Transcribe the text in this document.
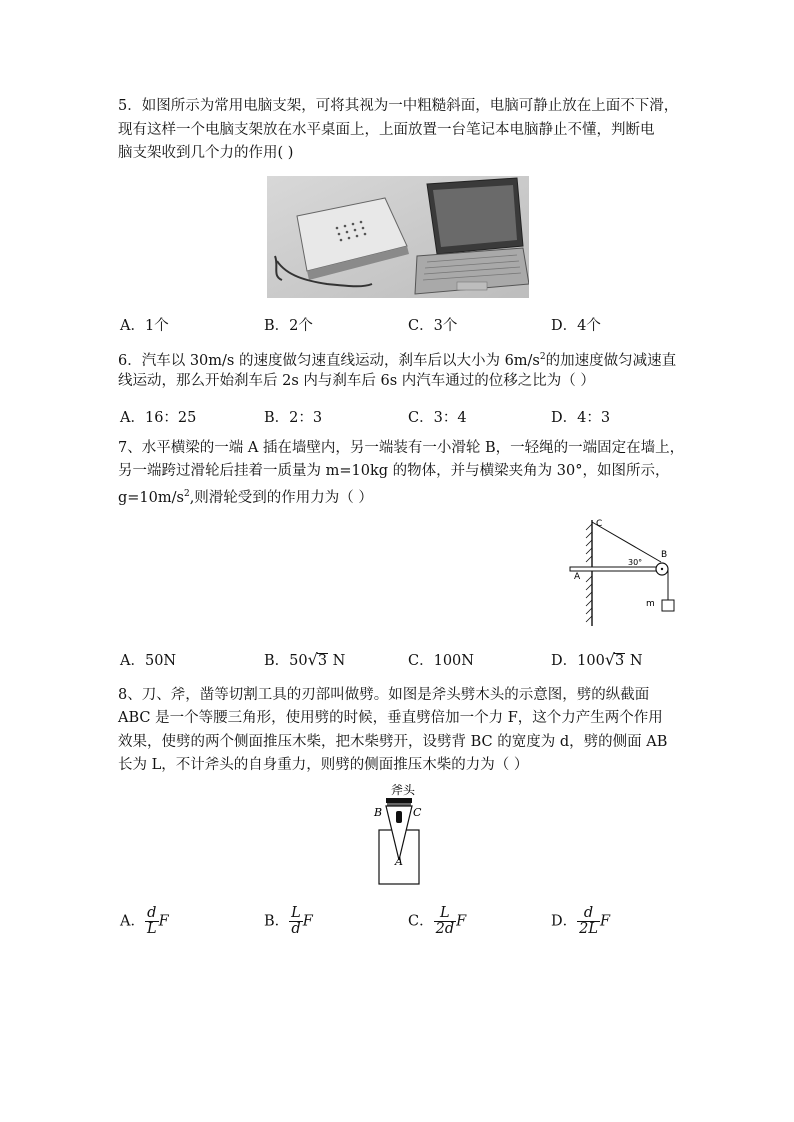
5．如图所示为常用电脑支架，可将其视为一中粗糙斜面，电脑可静止放在上面不下滑，
现有这样一个电脑支架放在水平桌面上，上面放置一台笔记本电脑静止不懂，判断电
脑支架收到几个力的作用( )
A．1个	B．2个	C．3个	D．4个
6．汽车以 30m/s 的速度做匀速直线运动，刹车后以大小为 $6m/s^2$的加速度做匀减速直
线运动，那么开始刹车后 2s 内与刹车后 6s 内汽车通过的位移之比为（ ）
A．16：25	B．2：3	C．3：4	D．4：3
7、水平横梁的一端 A 插在墙壁内，另一端装有一小滑轮 B，一轻绳的一端固定在墙上，
另一端跨过滑轮后挂着一质量为 m=10kg 的物体，并与横梁夹角为 30°，如图所示，
$g=10m/s^2$,则滑轮受到的作用力为（ ）
C
B
A
30°
m
A．50N	B．50√3 N	C．100N	D．100√3 N
8、刀、斧，凿等切割工具的刃部叫做劈。如图是斧头劈木头的示意图，劈的纵截面
ABC 是一个等腰三角形，使用劈的时候，垂直劈倍加一个力 F，这个力产生两个作用
效果，使劈的两个侧面推压木柴，把木柴劈开，设劈背 BC 的宽度为 d，劈的侧面 AB
长为 L，不计斧头的自身重力，则劈的侧面推压木柴的力为（ ）
斧头
B	C
A
A． $\frac{d}{L}$ F	B． $\frac{L}{d}$ F	C． $\frac{L}{2d}$ F	D． $\frac{d}{2L}$ F
